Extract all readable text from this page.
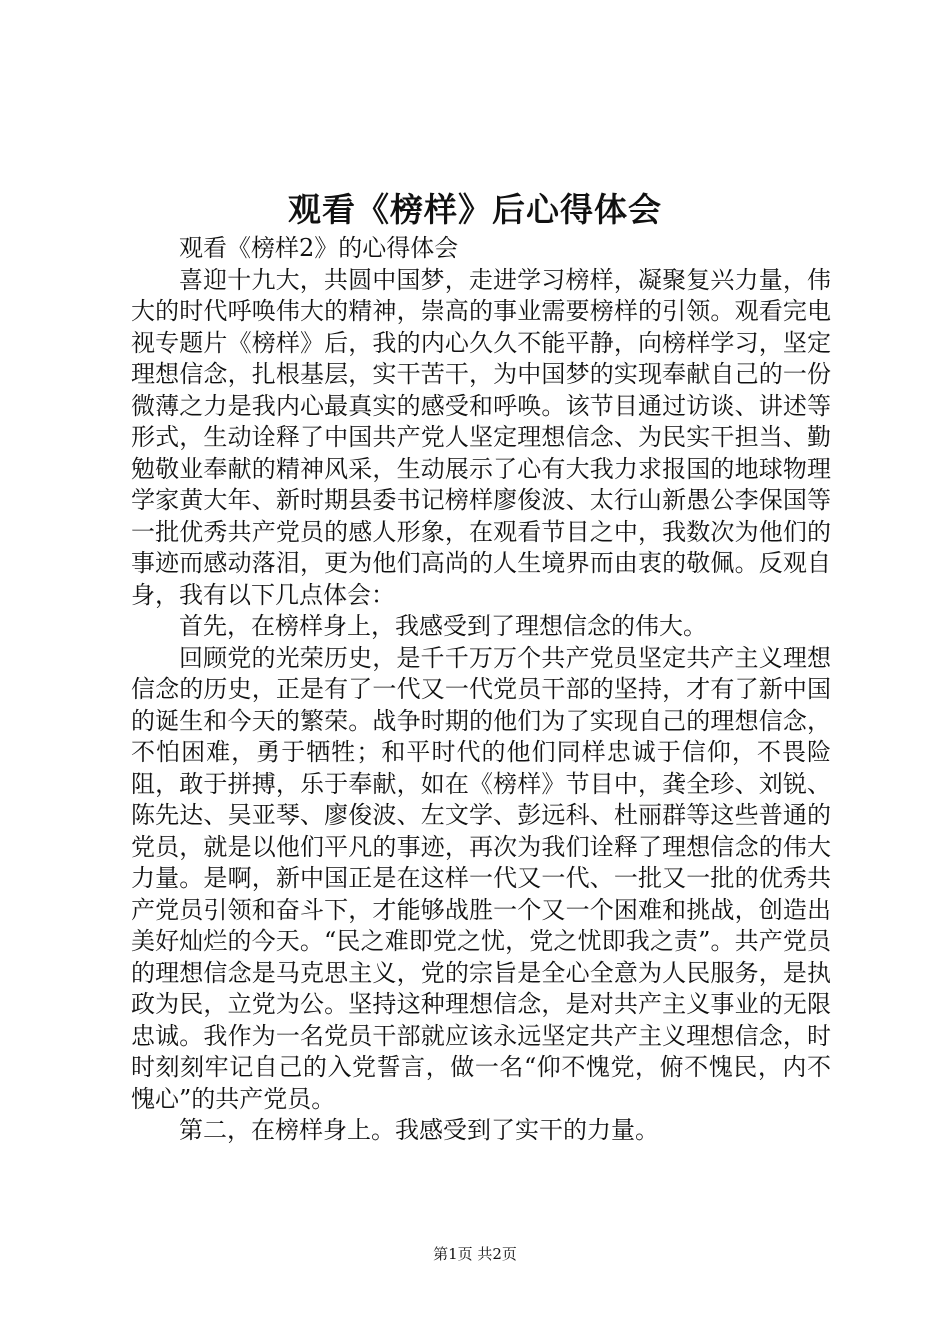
观看《榜样》后心得体会

观看《榜样2》的心得体会

喜迎十九大，共圆中国梦，走进学习榜样，凝聚复兴力量，伟大的时代呼唤伟大的精神，崇高的事业需要榜样的引领。观看完电视专题片《榜样》后，我的内心久久不能平静，向榜样学习，坚定理想信念，扎根基层，实干苦干，为中国梦的实现奉献自己的一份微薄之力是我内心最真实的感受和呼唤。该节目通过访谈、讲述等形式，生动诠释了中国共产党人坚定理想信念、为民实干担当、勤勉敬业奉献的精神风采，生动展示了心有大我力求报国的地球物理学家黄大年、新时期县委书记榜样廖俊波、太行山新愚公李保国等一批优秀共产党员的感人形象，在观看节目之中，我数次为他们的事迹而感动落泪，更为他们高尚的人生境界而由衷的敬佩。反观自身，我有以下几点体会：

首先，在榜样身上，我感受到了理想信念的伟大。

回顾党的光荣历史，是千千万万个共产党员坚定共产主义理想信念的历史，正是有了一代又一代党员干部的坚持，才有了新中国的诞生和今天的繁荣。战争时期的他们为了实现自己的理想信念，不怕困难，勇于牺牲；和平时代的他们同样忠诚于信仰，不畏险阻，敢于拼搏，乐于奉献，如在《榜样》节目中，龚全珍、刘锐、陈先达、吴亚琴、廖俊波、左文学、彭远科、杜丽群等这些普通的党员，就是以他们平凡的事迹，再次为我们诠释了理想信念的伟大力量。是啊，新中国正是在这样一代又一代、一批又一批的优秀共产党员引领和奋斗下，才能够战胜一个又一个困难和挑战，创造出美好灿烂的今天。“民之难即党之忧，党之忧即我之责”。共产党员的理想信念是马克思主义，党的宗旨是全心全意为人民服务，是执政为民，立党为公。坚持这种理想信念，是对共产主义事业的无限忠诚。我作为一名党员干部就应该永远坚定共产主义理想信念，时时刻刻牢记自己的入党誓言，做一名“仰不愧党，俯不愧民，内不愧心”的共产党员。

第二，在榜样身上。我感受到了实干的力量。

第1页 共2页
